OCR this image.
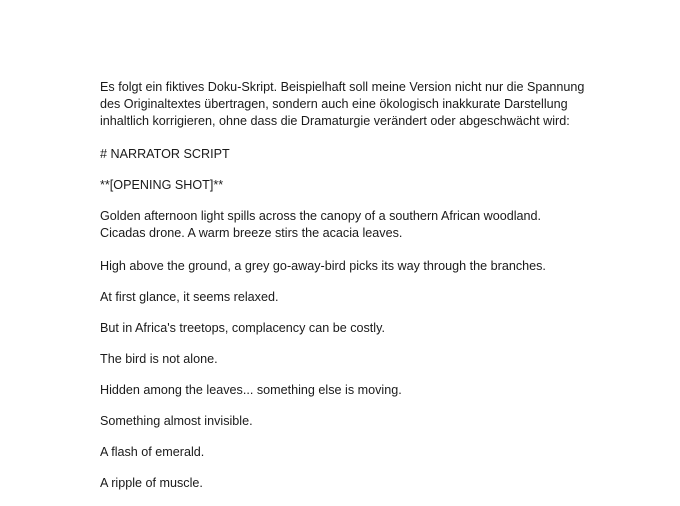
Es folgt ein fiktives Doku-Skript. Beispielhaft soll meine Version nicht nur die Spannung des Originaltextes übertragen, sondern auch eine ökologisch inakkurate Darstellung inhaltlich korrigieren, ohne dass die Dramaturgie verändert oder abgeschwächt wird:

# NARRATOR SCRIPT

**[OPENING SHOT]**

Golden afternoon light spills across the canopy of a southern African woodland. Cicadas drone. A warm breeze stirs the acacia leaves.

High above the ground, a grey go-away-bird picks its way through the branches.

At first glance, it seems relaxed.

But in Africa's treetops, complacency can be costly.

The bird is not alone.

Hidden among the leaves... something else is moving.

Something almost invisible.

A flash of emerald.

A ripple of muscle.
